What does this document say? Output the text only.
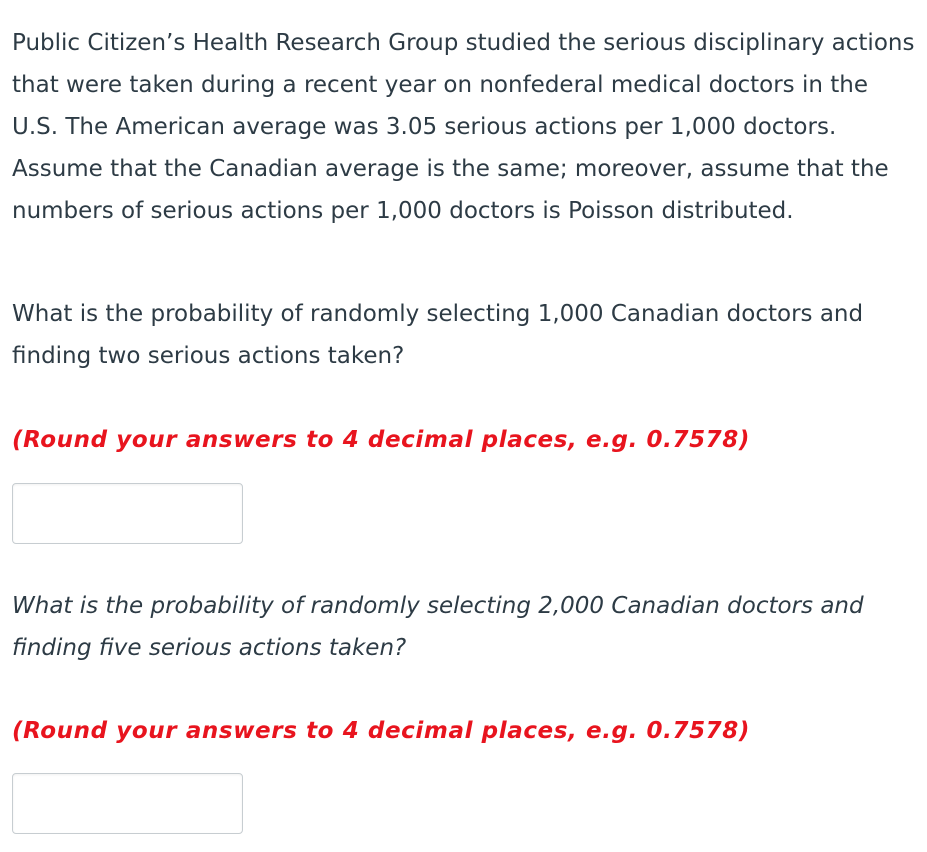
Public Citizen’s Health Research Group studied the serious disciplinary actions that were taken during a recent year on nonfederal medical doctors in the U.S. The American average was 3.05 serious actions per 1,000 doctors. Assume that the Canadian average is the same; moreover, assume that the numbers of serious actions per 1,000 doctors is Poisson distributed.

What is the probability of randomly selecting 1,000 Canadian doctors and finding two serious actions taken?

(Round your answers to 4 decimal places, e.g. 0.7578)

What is the probability of randomly selecting 2,000 Canadian doctors and finding five serious actions taken?

(Round your answers to 4 decimal places, e.g. 0.7578)
